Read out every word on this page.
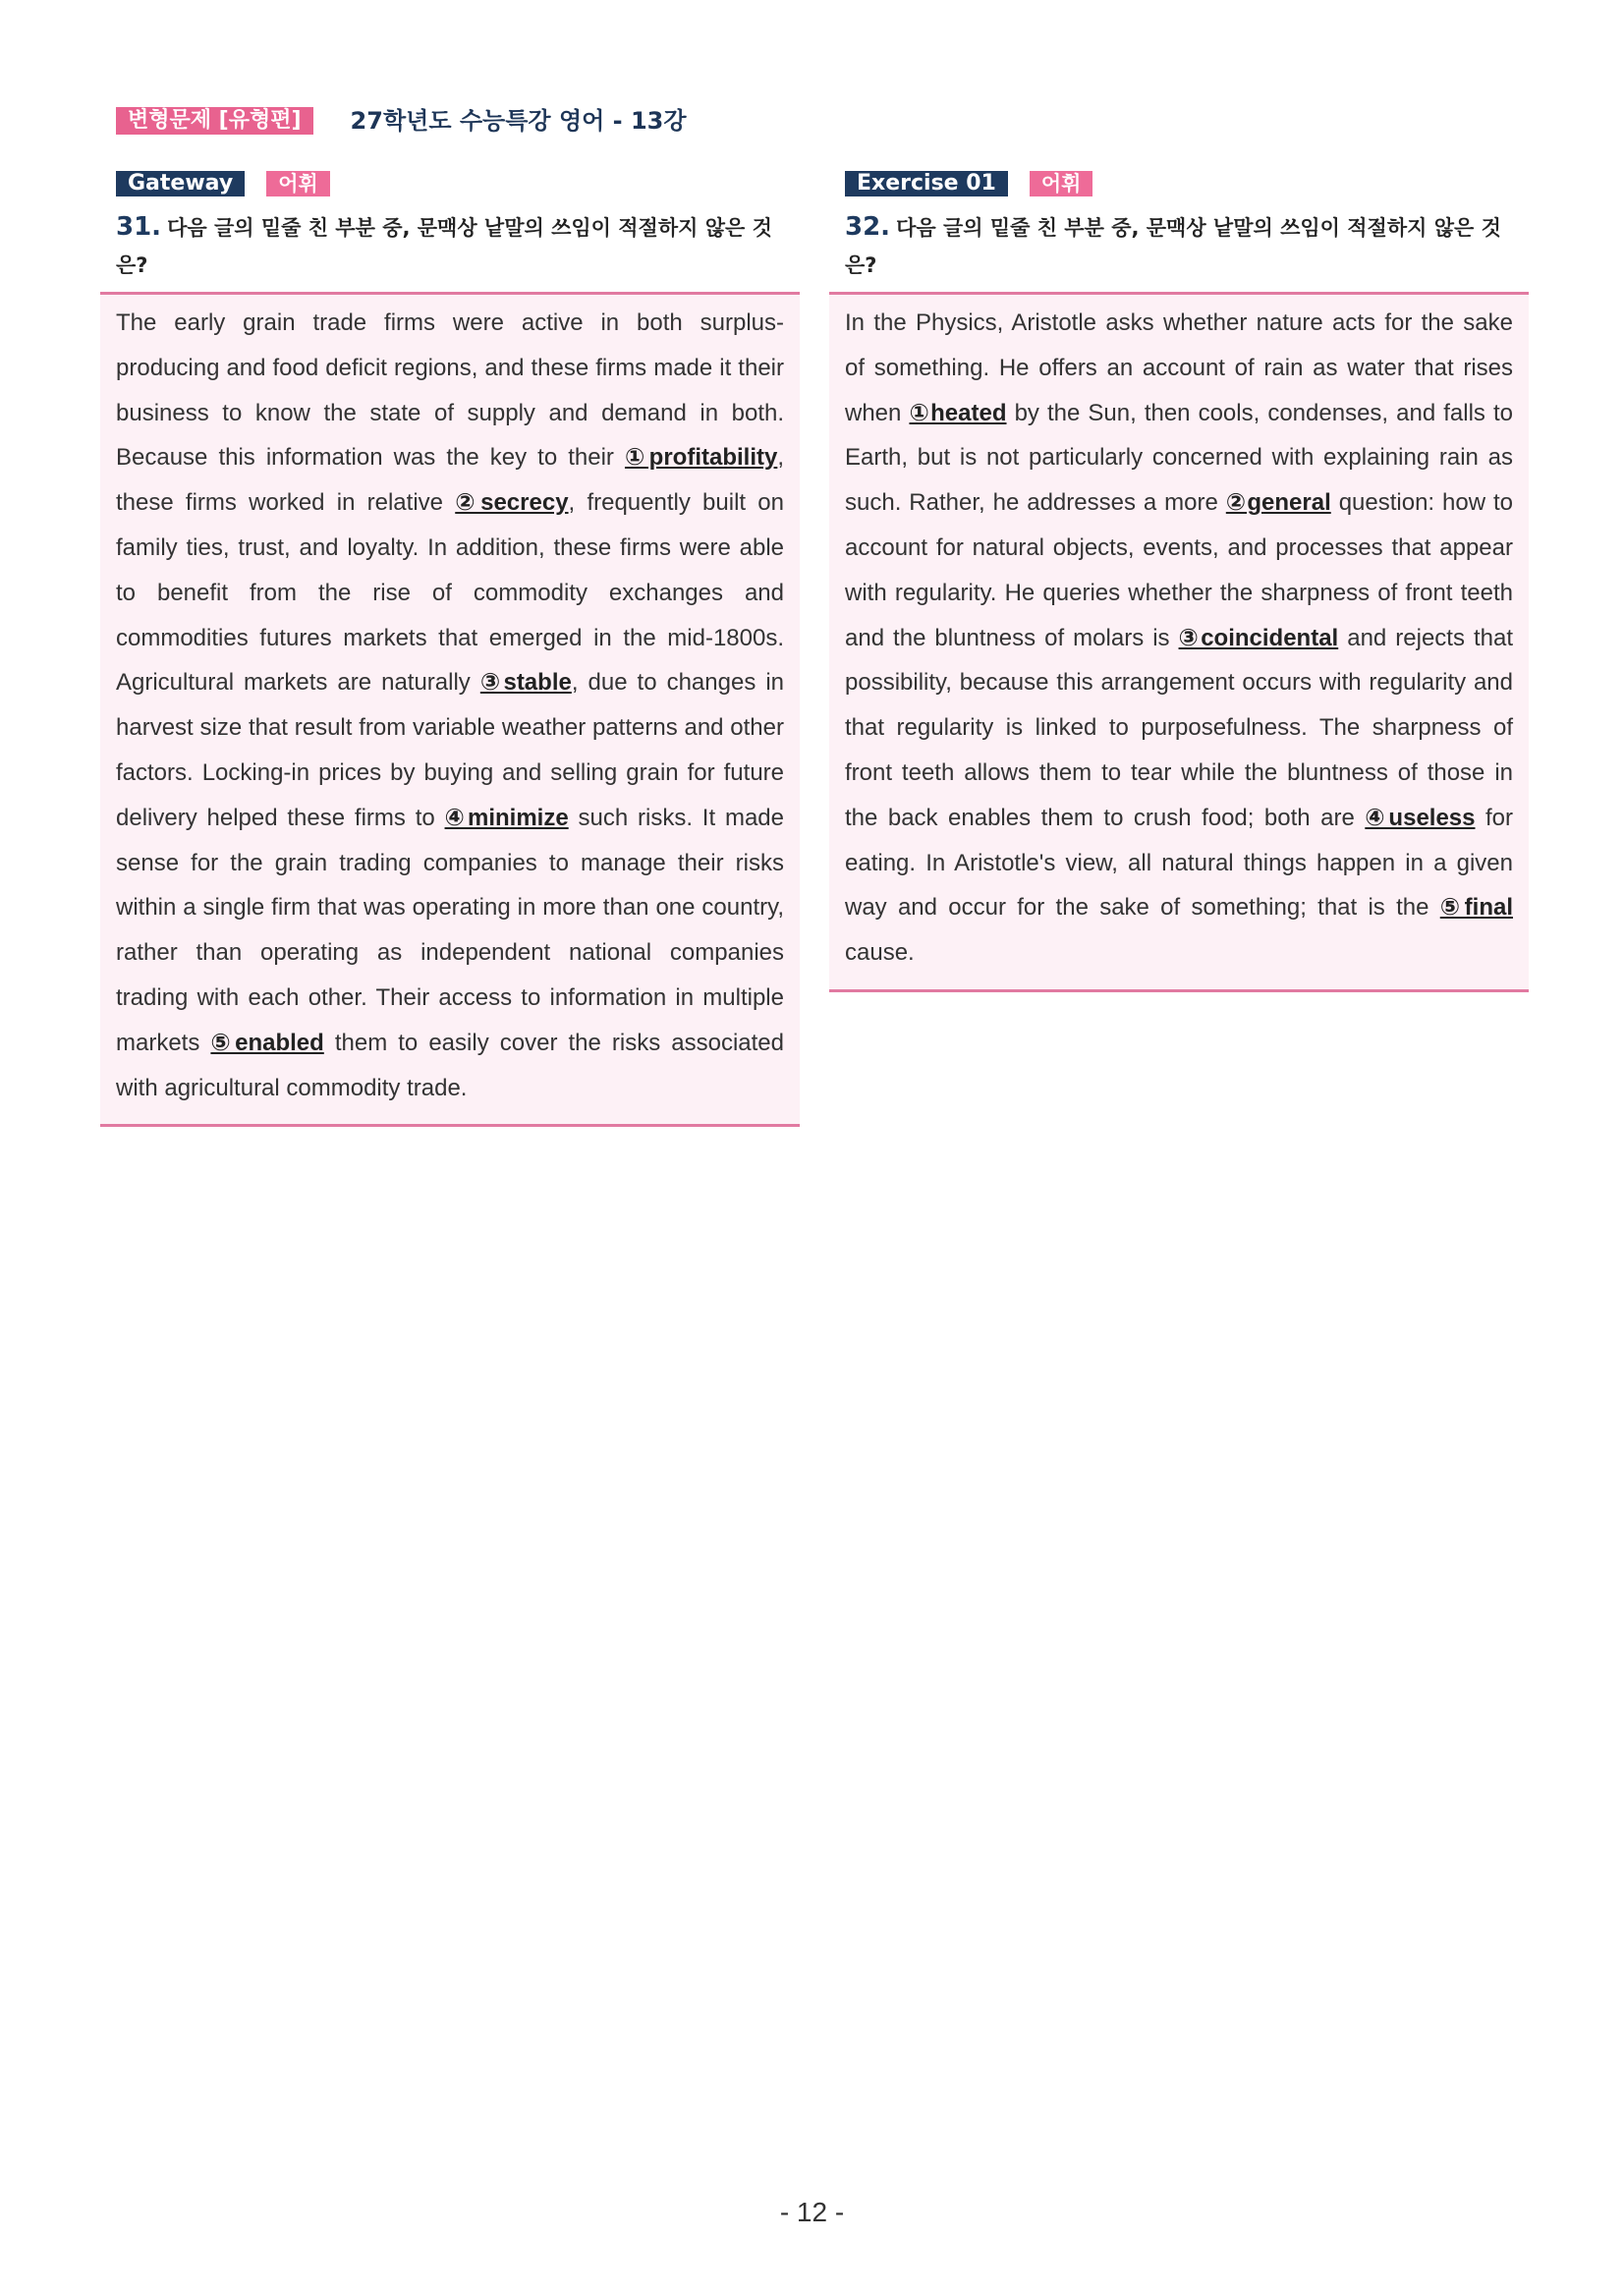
변형문제 [유형편]	27학년도 수능특강 영어 - 13강
Gateway	어휘
31. 다음 글의 밑줄 친 부분 중, 문맥상 낱말의 쓰임이 적절하지 않은 것은?
The early grain trade firms were active in both surplus-producing and food deficit regions, and these firms made it their business to know the state of supply and demand in both. Because this information was the key to their ①profitability, these firms worked in relative ②secrecy, frequently built on family ties, trust, and loyalty. In addition, these firms were able to benefit from the rise of commodity exchanges and commodities futures markets that emerged in the mid-1800s. Agricultural markets are naturally ③stable, due to changes in harvest size that result from variable weather patterns and other factors. Locking-in prices by buying and selling grain for future delivery helped these firms to ④minimize such risks. It made sense for the grain trading companies to manage their risks within a single firm that was operating in more than one country, rather than operating as independent national companies trading with each other. Their access to information in multiple markets ⑤enabled them to easily cover the risks associated with agricultural commodity trade.
Exercise 01	어휘
32. 다음 글의 밑줄 친 부분 중, 문맥상 낱말의 쓰임이 적절하지 않은 것은?
In the Physics, Aristotle asks whether nature acts for the sake of something. He offers an account of rain as water that rises when ①heated by the Sun, then cools, condenses, and falls to Earth, but is not particularly concerned with explaining rain as such. Rather, he addresses a more ②general question: how to account for natural objects, events, and processes that appear with regularity. He queries whether the sharpness of front teeth and the bluntness of molars is ③coincidental and rejects that possibility, because this arrangement occurs with regularity and that regularity is linked to purposefulness. The sharpness of front teeth allows them to tear while the bluntness of those in the back enables them to crush food; both are ④useless for eating. In Aristotle's view, all natural things happen in a given way and occur for the sake of something; that is the ⑤final cause.
- 12 -
